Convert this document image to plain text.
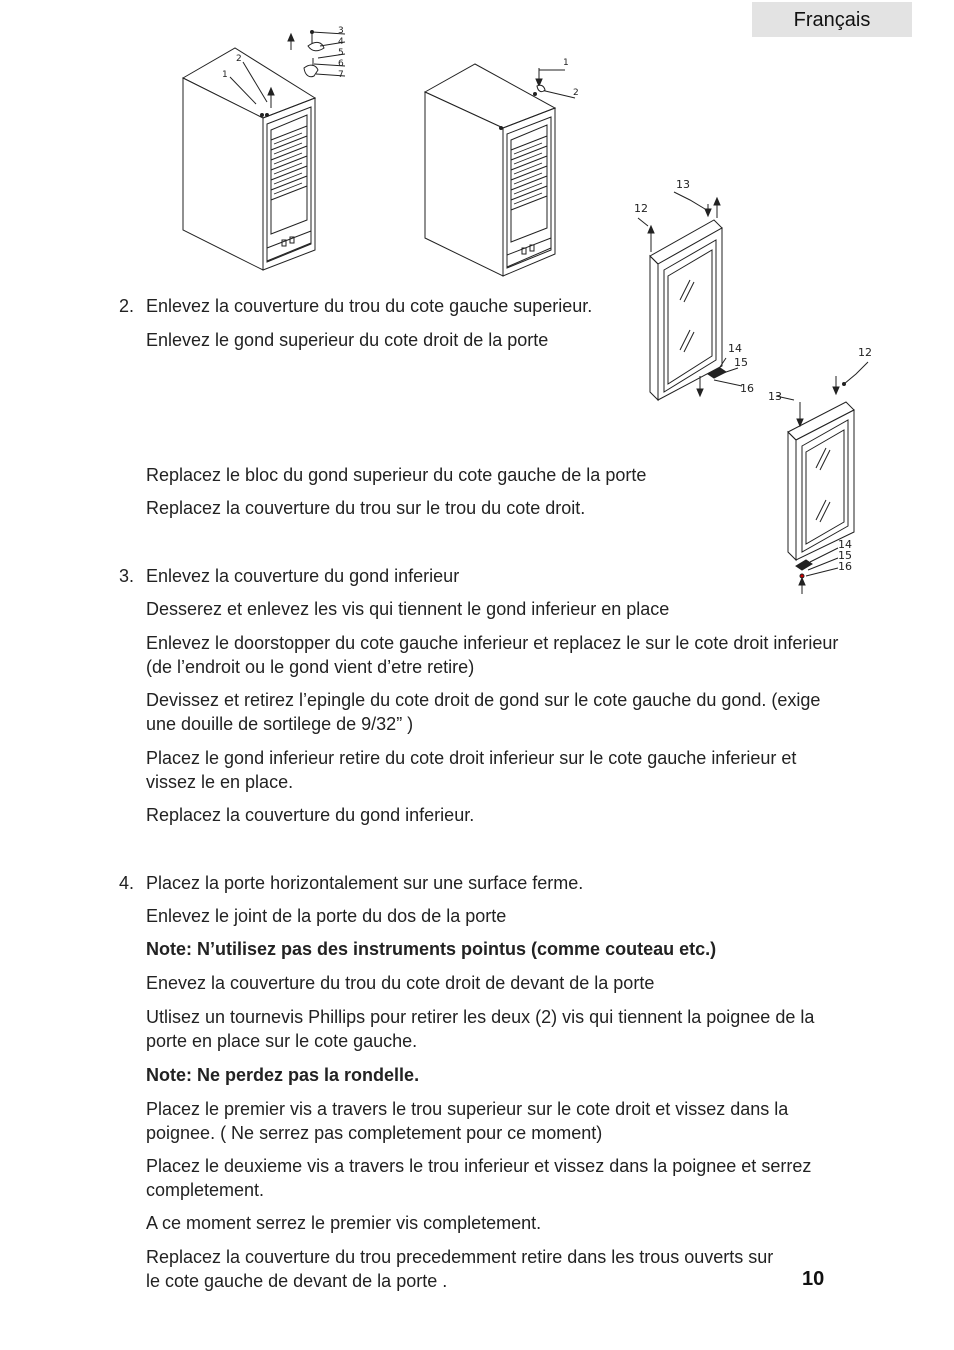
Français
1
2
3
4
5
6
7
1
2
12
13
14
15
16
12
13
14
15
16
2. Enlevez la couverture du trou du cote gauche superieur.
Enlevez le gond superieur du cote droit de la porte
Replacez le bloc du gond superieur du cote gauche de la porte
Replacez la couverture du trou sur le trou du cote droit.
3. Enlevez la couverture du gond inferieur
Desserez et enlevez les vis qui tiennent le gond inferieur en place
Enlevez le doorstopper du cote gauche inferieur et replacez le sur le cote droit inferieur (de l’endroit ou le gond vient d’etre retire)
Devissez et retirez l’epingle du cote droit de gond sur le cote gauche du gond. (exige une douille de sortilege de 9/32” )
Placez le gond inferieur retire du cote droit inferieur sur le cote gauche inferieur et vissez le en place.
Replacez la couverture du gond inferieur.
4. Placez la porte horizontalement sur une surface ferme.
Enlevez le joint de la porte du dos de la porte
Note: N’utilisez pas des instruments pointus (comme couteau etc.)
Enevez la couverture du trou du cote droit de devant de la porte
Utlisez un tournevis Phillips pour retirer les deux (2) vis qui tiennent la poignee de la porte en place sur le cote gauche.
Note: Ne perdez pas la rondelle.
Placez le premier vis a travers le trou superieur sur le cote droit et vissez dans la poignee. ( Ne serrez pas completement pour ce moment)
Placez le deuxieme vis a travers le trou inferieur et vissez dans la poignee et serrez completement.
A ce moment serrez le premier vis completement.
Replacez la couverture du trou precedemment retire dans les trous ouverts sur le cote gauche de devant de la porte .	10
